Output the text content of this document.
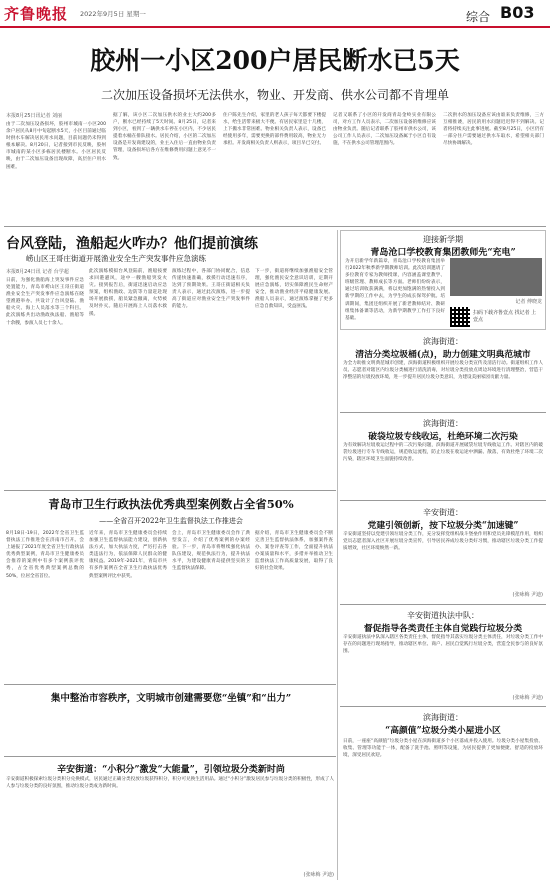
齐鲁晚报 2022年9月5日 星期一	综合 B03
胶州一小区200户居民断水已5天
二次加压设备损坏无法供水，物业、开发商、供水公司都不肯埋单
本报8月25日讯记者 刘丽
由于二次加压设备损坏，胶州市城南一小区200余户居民从8月中旬起断水5天，小区目前通过临时供水车解决居民用水问题，目前问题仍未得到根本解决。8月20日，记者接到市民反映，胶州市城南的某小区多栋居民楼断水。小区居民反映，由于二次加压设备出现故障，高层住户用水困难。
据了解，该小区二次加压供水的业主大约200多户，断水已经持续了5天时间。8月25日，记者来到小区，看到了一辆供水车停在小区内，不少居民提着水桶在排队接水。居民介绍，小区的二次加压设备是开发商建设的，业主入住后一直由物业负责管理，设备损坏后各方在维修费用问题上意见不一致。
住户陈先生介绍，家里的老人孩子每天都要下楼提水，给生活带来极大不便。有居民家里是十几楼，上下搬水非常困难。物业相关负责人表示，设备已经使用多年，需要更换的部件费用较高，物业无力承担。开发商相关负责人则表示，项目早已交付。
记者又联系了小区的开发商青岛金岭实业有限公司，对方工作人员表示，二次加压设备的维修应该由物业负责。随后记者联系了胶州市供水公司，该公司工作人员表示，二次加压设备属于小区自有设施，不在供水公司管理范围内。
二次供水的加压设备应该由谁来负责维修，三方互相推诿，居民的用水问题迟迟得不到解决。记者将持续关注此事进展。截至8月25日，小区仍有一部分住户需要通过供水车取水，希望相关部门尽快协调解决。
台风登陆，渔船起火咋办？他们提前演练
崂山区王哥庄街道开展渔业安全生产突发事件应急演练
本报8月24日讯 记者 台学超
日前，为强化渔船海上突发事件应急处置能力，青岛市崂山区王哥庄街道渔业安全生产突发事件应急演练在晓望渔港举办。共设计了台风登陆、渔船火灾、海上人员落水等三个科目。此次演练共出动渔政执法船、渔船等十余艘，参演人员七十余人。
此次演练模拟台风登陆前，渔船按要求回港避风，途中一艘渔船突发火灾。接到报告后，街道迅速启动应急预案，组织渔政、边防等力量赶赴现场开展救援，船员紧急撤离，火势被及时扑灭。随后开展海上人员落水救援。
演练过程中，各部门协同配合，信息传递快速准确，救援行动迅速有序，达到了预期效果。王哥庄街道相关负责人表示，通过此次演练，进一步提高了街道应对渔业安全生产突发事件的能力。
下一步，街道将继续加强渔船安全管理，强化渔民安全意识培训，定期开展应急演练，切实保障渔民生命财产安全，推动渔业经济平稳健康发展。渔船人员表示，通过演练掌握了更多应急自救知识，受益匪浅。
迎接新学期
青岛沧口学校教育集团教师先“充电”
为开启新学年新篇章，青岛沧口学校教育集团举行2022年秋季新学期教师培训。此次培训邀请了多位教育专家为教师授课，内容涵盖课堂教学、班级管理、教师成长等方面。老师们纷纷表示，通过培训收获满满，将以更加饱满的热情投入到新学期的工作中去，为学生的成长保驾护航。培训期间，集团还组织开展了新老教师结对、教研组集体备课等活动，为新学期教学工作打下良好基础。
记者 傅晓龙
扫码下载齐鲁壹点 找记者 上壹点
滨海街道：
清洁分类垃圾桶(点)，助力创建文明典范城市
为全力助推文明典范城市创建，滨海街道积极组织开展垃圾分类宣传及清洁行动。街道组织工作人员、志愿者对辖区内垃圾分类桶进行清洗消毒，对垃圾分类投放点周边环境进行清理整治，营造干净整洁的垃圾投放环境，进一步提升居民垃圾分类意识，为建设美丽家园贡献力量。
滨海街道：
破袋垃圾专线收运，杜绝环境二次污染
为有效解决垃圾收运过程中的二次污染问题，滨海街道开展破袋垃圾专线收运工作。对辖区内的破袋垃圾进行专车专线收运，规范收运流程，防止垃圾在收运途中洒漏、散落，有效杜绝了环境二次污染，辖区环境卫生面貌持续改善。
青岛市卫生行政执法优秀典型案例数占全省50%
——全省召开2022年卫生监督执法工作推进会
8月18日-19日，2022年全省卫生监督执法工作推进会在济南市召开。会上通报了2021年度全省卫生行政执法优秀典型案例，青岛市卫生健康委员会推荐的案例中有多个案例获评优秀，占全省优秀典型案例总数的50%，位居全省首位。
近年来，青岛市卫生健康委员会持续加强卫生监督执法能力建设，创新执法方式，加大执法力度，严厉打击各类违法行为，依法保障人民群众的健康权益。2019年-2021年，青岛市共有多件案例在全省卫生行政执法优秀典型案例评比中获奖。
会上，青岛市卫生健康委员会作了典型发言，介绍了优秀案例的办案经验。下一步，青岛市将继续强化执法队伍建设，规范执法行为，提升执法水平，为建设健康青岛提供坚实的卫生监督执法保障。
据介绍，青岛市卫生健康委员会不断完善卫生监督执法体系，加强案件查办、案卷评查等工作，全面提升执法办案质量和水平，多措并举推动卫生监督执法工作高质量发展，取得了良好的社会效果。
辛安街道：
党建引领创新，按下垃圾分类“加速键”
辛安街道坚持以党建引领垃圾分类工作，充分发挥党组织战斗堡垒作用和党员先锋模范作用，组织党员志愿者深入社区开展垃圾分类宣传，引导居民养成垃圾分类好习惯，推动辖区垃圾分类工作提质增效，社区环境焕然一新。
(张咏梅 尹迪)
集中整治市容秩序，文明城市创建需要您“坐镇”和“出力”
辛安街道执法中队：
督促指导各类责任主体自觉践行垃圾分类
辛安街道执法中队深入辖区各类责任主体，督促指导其落实垃圾分类主体责任，对垃圾分类工作中存在的问题进行现场指导，推动辖区单位、商户、居民自觉践行垃圾分类，营造全民参与的良好氛围。
(张咏梅 尹迪)
辛安街道：“小积分”激发“大能量”，引领垃圾分类新时尚
辛安街道积极探索垃圾分类积分兑换模式，居民通过正确分类投放垃圾获得积分，积分可兑换生活用品。通过“小积分”激发居民参与垃圾分类的积极性，形成了人人参与垃圾分类的良好氛围，推动垃圾分类成为新时尚。
(张咏梅 尹迪)
滨海街道：
“高颜值”垃圾分类小屋进小区
日前，一座座“高颜值”垃圾分类小屋在滨海街道多个小区落成并投入使用。垃圾分类小屋集投放、收集、管理等功能于一体，配备了洗手池、照明等设施，为居民提供了更加便捷、舒适的投放环境，深受居民欢迎。
